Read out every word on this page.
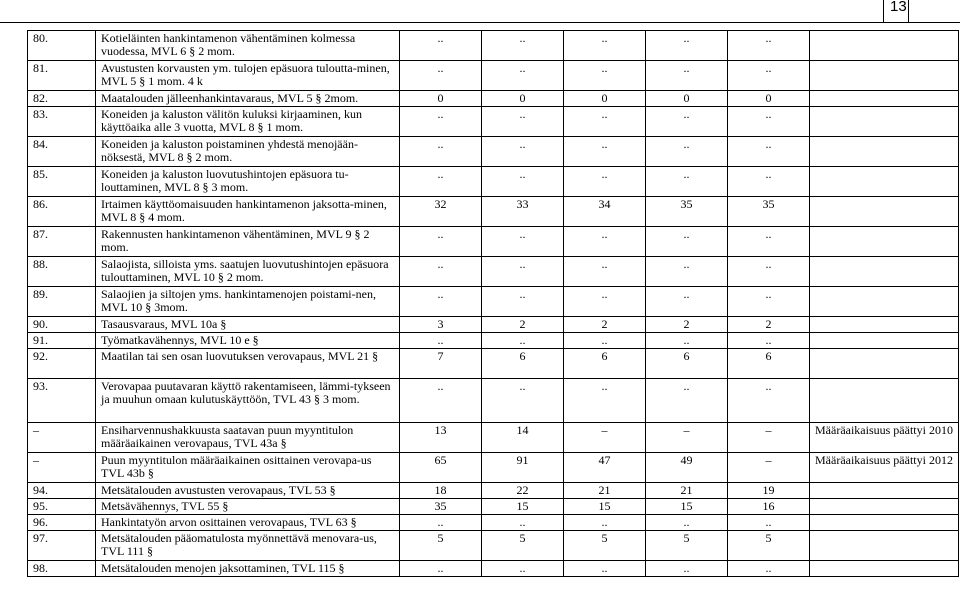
13
80.	Kotieläinten hankintamenon vähentäminen kolmessa vuodessa, MVL 6 § 2 mom.	..	..	..	..	..	
81.	Avustusten korvausten ym. tulojen epäsuora tuloutta-minen, MVL 5 § 1 mom. 4 k	..	..	..	..	..	
82.	Maatalouden jälleenhankintavaraus, MVL 5 § 2mom.	0	0	0	0	0	
83.	Koneiden ja kaluston välitön kuluksi kirjaaminen, kun käyttöaika alle 3 vuotta, MVL 8 § 1 mom.	..	..	..	..	..	
84.	Koneiden ja kaluston poistaminen yhdestä menojään-nöksestä, MVL 8 § 2 mom.	..	..	..	..	..	
85.	Koneiden ja kaluston luovutushintojen epäsuora tu-louttaminen, MVL 8 § 3 mom.	..	..	..	..	..	
86.	Irtaimen käyttöomaisuuden hankintamenon jaksotta-minen, MVL 8 § 4 mom.	32	33	34	35	35	
87.	Rakennusten hankintamenon vähentäminen, MVL 9 § 2 mom.	..	..	..	..	..	
88.	Salaojista, silloista yms. saatujen luovutushintojen epäsuora tulouttaminen, MVL 10 § 2 mom.	..	..	..	..	..	
89.	Salaojien ja siltojen yms. hankintamenojen poistami-nen, MVL 10 § 3mom.	..	..	..	..	..	
90.	Tasausvaraus, MVL 10a §	3	2	2	2	2	
91.	Työmatkavähennys, MVL 10 e §	..	..	..	..	..	
92.	Maatilan tai sen osan luovutuksen verovapaus, MVL 21 §	7	6	6	6	6	
93.	Verovapaa puutavaran käyttö rakentamiseen, lämmi-tykseen ja muuhun omaan kulutuskäyttöön, TVL 43 § 3 mom.	..	..	..	..	..	
–	Ensiharvennushakkuusta saatavan puun myyntitulon määräaikainen verovapaus, TVL 43a §	13	14	–	–	–	Määräaikaisuus päättyi 2010
–	Puun myyntitulon määräaikainen osittainen verovapa-us TVL 43b §	65	91	47	49	–	Määräaikaisuus päättyi 2012
94.	Metsätalouden avustusten verovapaus, TVL 53 §	18	22	21	21	19	
95.	Metsävähennys, TVL 55 §	35	15	15	15	16	
96.	Hankintatyön arvon osittainen verovapaus, TVL 63 §	..	..	..	..	..	
97.	Metsätalouden pääomatulosta myönnettävä menovara-us, TVL 111 §	5	5	5	5	5	
98.	Metsätalouden menojen jaksottaminen, TVL 115 §	..	..	..	..	..	
